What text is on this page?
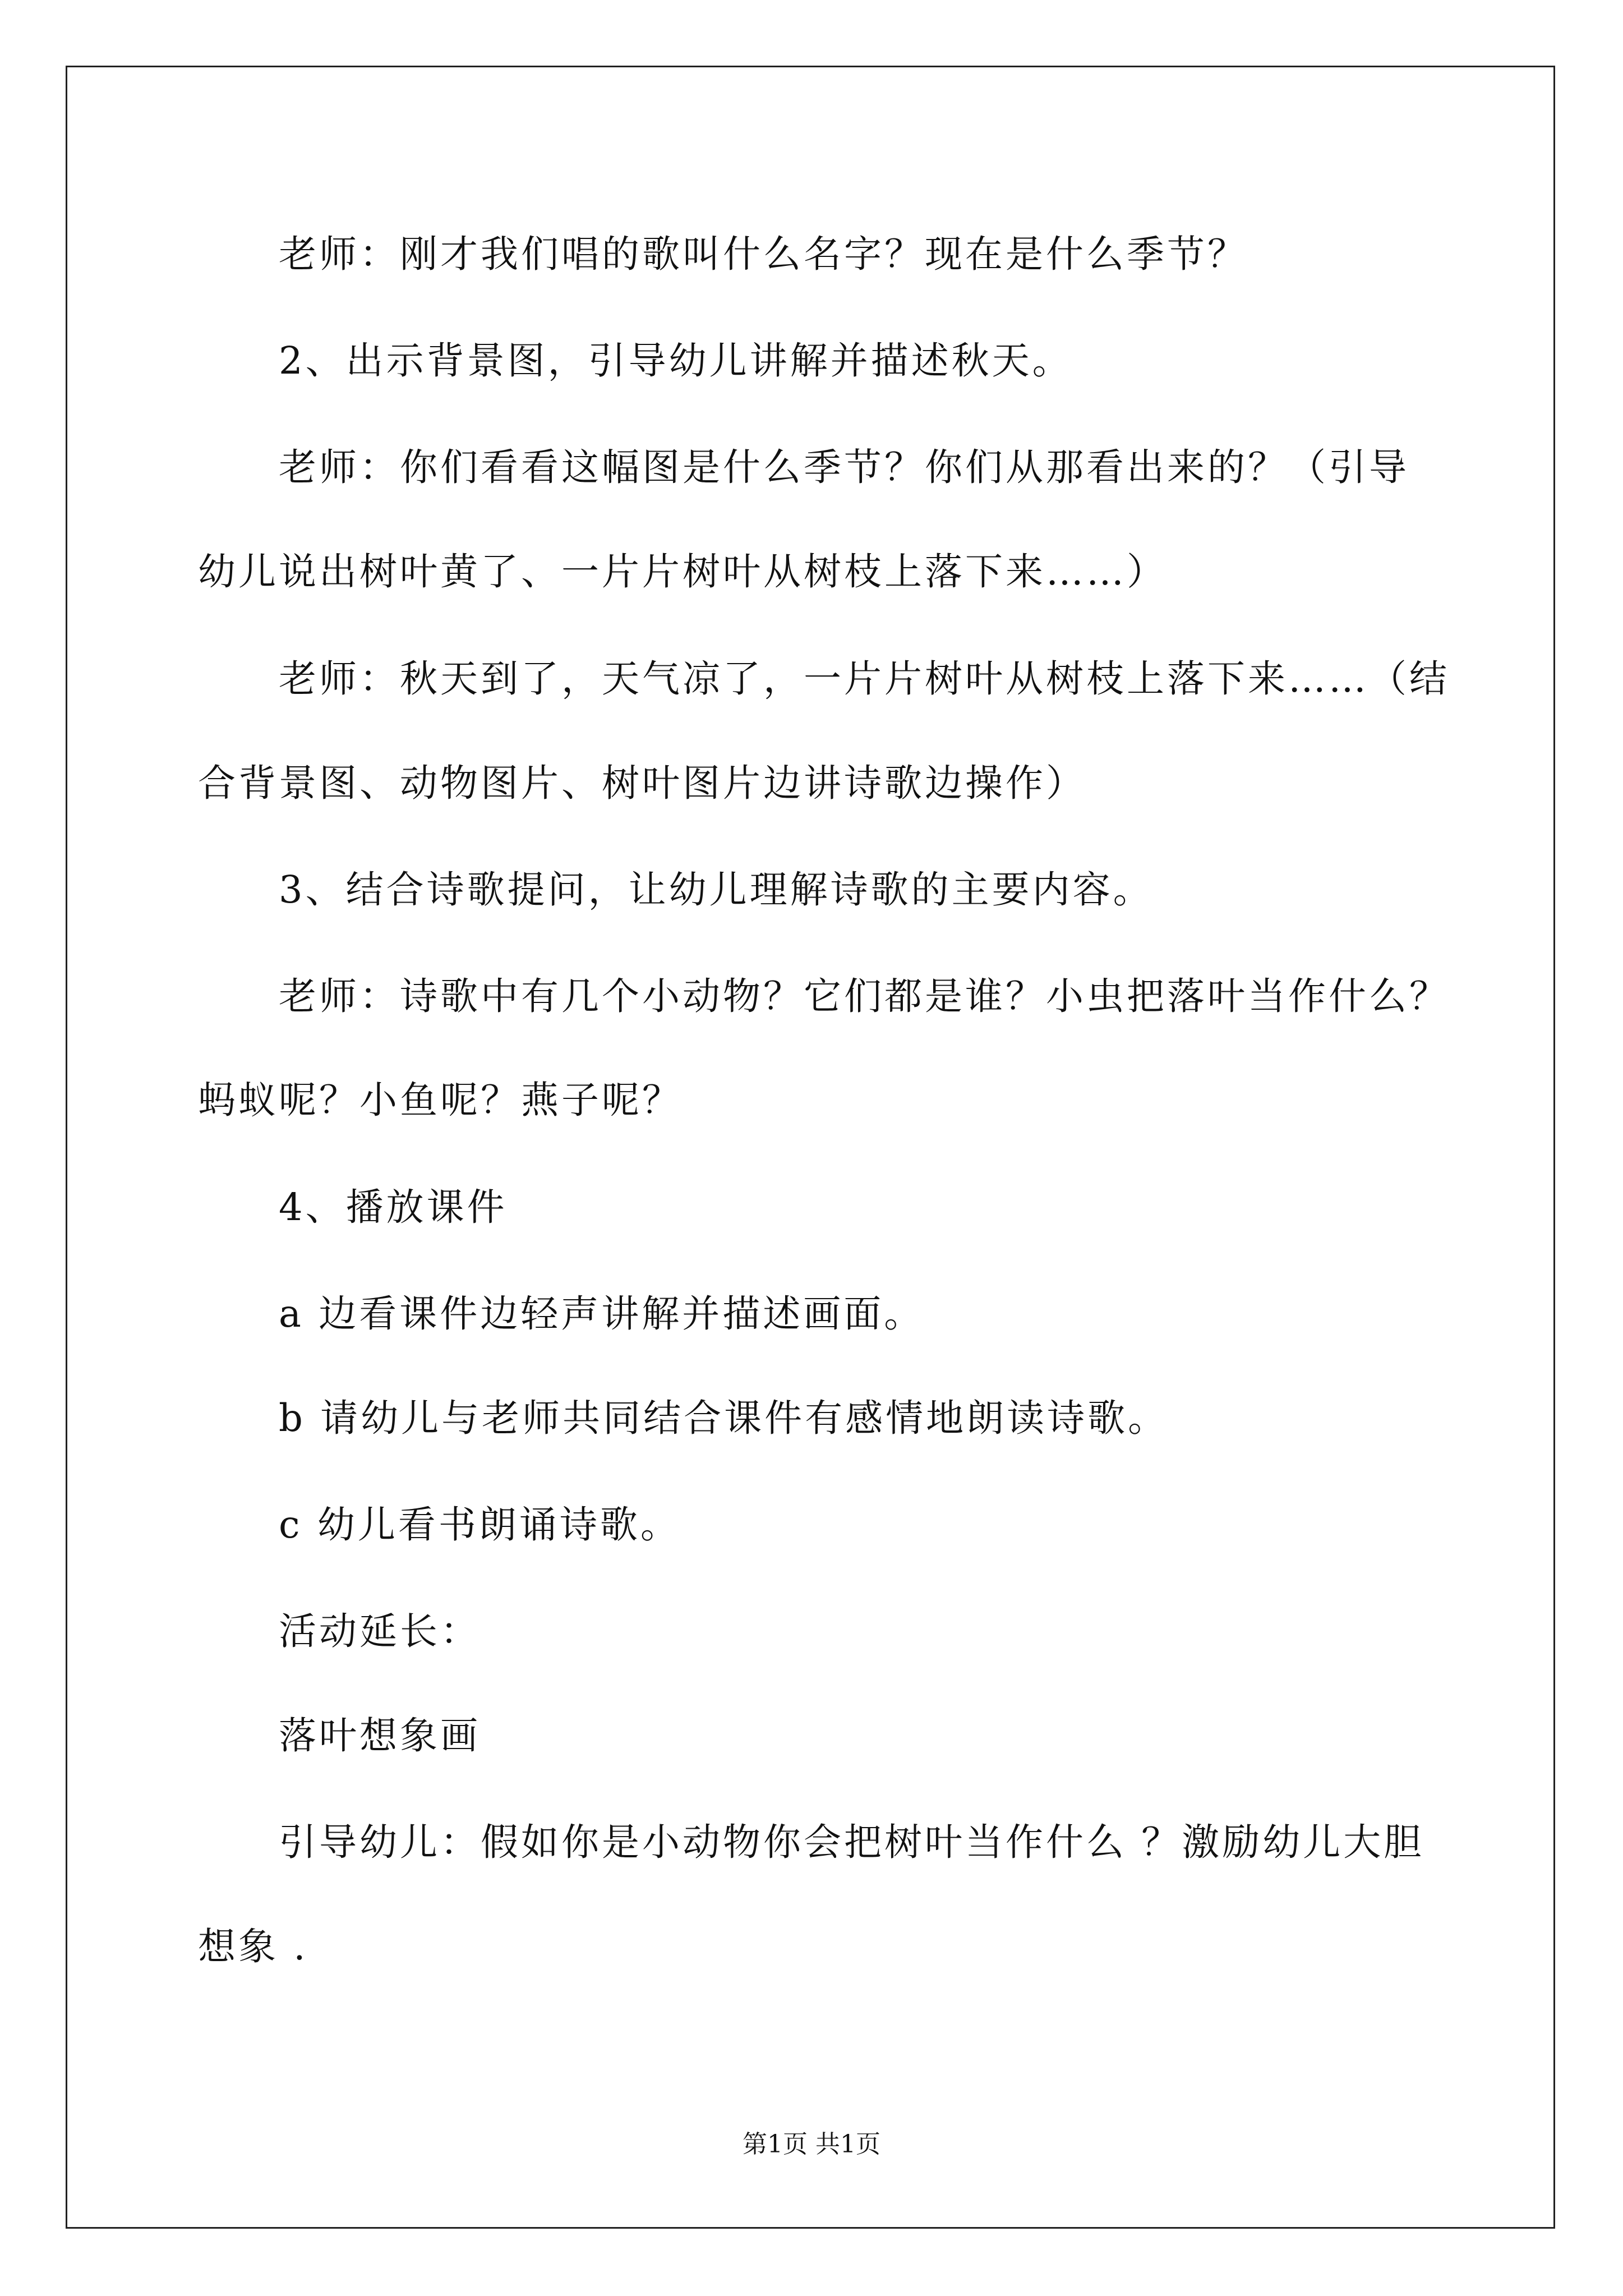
老师：刚才我们唱的歌叫什么名字？现在是什么季节？
2、出示背景图，引导幼儿讲解并描述秋天。
老师：你们看看这幅图是什么季节？你们从那看出来的？（引导
幼儿说出树叶黄了、一片片树叶从树枝上落下来……）
老师：秋天到了，天气凉了，一片片树叶从树枝上落下来……（结
合背景图、动物图片、树叶图片边讲诗歌边操作）
3、结合诗歌提问，让幼儿理解诗歌的主要内容。
老师：诗歌中有几个小动物？它们都是谁？小虫把落叶当作什么？
蚂蚁呢？小鱼呢？燕子呢？
4、播放课件
a 边看课件边轻声讲解并描述画面。
b 请幼儿与老师共同结合课件有感情地朗读诗歌。
c 幼儿看书朗诵诗歌。
活动延长：
落叶想象画
引导幼儿：假如你是小动物你会把树叶当作什么 ？激励幼儿大胆
想象 .
第1页 共1页
